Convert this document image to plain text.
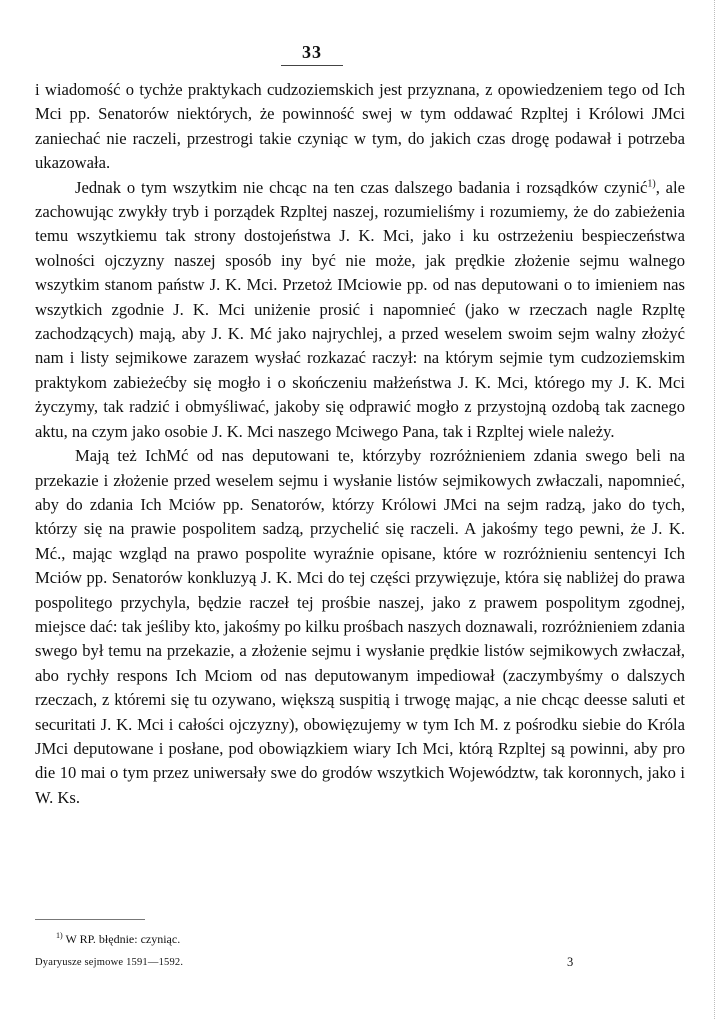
33

i wiadomość o tychże praktykach cudzoziemskich jest przyznana, z opowiedzeniem tego od Ich Mci pp. Senatorów niektórych, że powinność swej w tym oddawać Rzpltej i Królowi JMci zaniechać nie raczeli, przestrogi takie czyniąc w tym, do jakich czas drogę podawał i potrzeba ukazowała.

Jednak o tym wszytkim nie chcąc na ten czas dalszego badania i rozsądków czynić$^{1)}$, ale zachowując zwykły tryb i porządek Rzpltej naszej, rozumieliśmy i rozumiemy, że do zabieżenia temu wszytkiemu tak strony dostojeństwa J. K. Mci, jako i ku ostrzeżeniu bespieczeństwa wolności ojczyzny naszej sposób iny być nie może, jak prędkie złożenie sejmu walnego wszytkim stanom państw J. K. Mci. Przetoż IMciowie pp. od nas deputowani o to imieniem nas wszytkich zgodnie J. K. Mci uniżenie prosić i napomnieć (jako w rzeczach nagle Rzpltę zachodzących) mają, aby J. K. Mć jako najrychlej, a przed weselem swoim sejm walny złożyć nam i listy sejmikowe zarazem wysłać rozkazać raczył: na którym sejmie tym cudzoziemskim praktykom zabieżećby się mogło i o skończeniu małżeństwa J. K. Mci, którego my J. K. Mci życzymy, tak radzić i obmyśliwać, jakoby się odprawić mogło z przystojną ozdobą tak zacnego aktu, na czym jako osobie J. K. Mci naszego Mciwego Pana, tak i Rzpltej wiele należy.

Mają też IchMć od nas deputowani te, którzyby rozróżnieniem zdania swego beli na przekazie i złożenie przed weselem sejmu i wysłanie listów sejmikowych zwłaczali, napomnieć, aby do zdania Ich Mciów pp. Senatorów, którzy Królowi JMci na sejm radzą, jako do tych, którzy się na prawie pospolitem sadzą, przychelić się raczeli. A jakośmy tego pewni, że J. K. Mć., mając wzgląd na prawo pospolite wyraźnie opisane, które w rozróżnieniu sentencyi Ich Mciów pp. Senatorów konkluzyą J. K. Mci do tej części przywięzuje, która się nabliżej do prawa pospolitego przychyla, będzie raczeł tej prośbie naszej, jako z prawem pospolitym zgodnej, miejsce dać: tak jeśliby kto, jakośmy po kilku prośbach naszych doznawali, rozróżnieniem zdania swego był temu na przekazie, a złożenie sejmu i wysłanie prędkie listów sejmikowych zwłaczał, abo rychły respons Ich Mciom od nas deputowanym impediował (zaczymbyśmy o dalszych rzeczach, z któremi się tu ozywano, większą suspitią i trwogę mając, a nie chcąc deesse saluti et securitati J. K. Mci i całości ojczyzny), obowięzujemy w tym Ich M. z pośrodku siebie do Króla JMci deputowane i posłane, pod obowiązkiem wiary Ich Mci, którą Rzpltej są powinni, aby pro die 10 mai o tym przez uniwersały swe do grodów wszytkich Województw, tak koronnych, jako i W. Ks.

$^{1)}$ W RP. błędnie: czyniąc.
Dyaryusze sejmowe 1591—1592.	3
